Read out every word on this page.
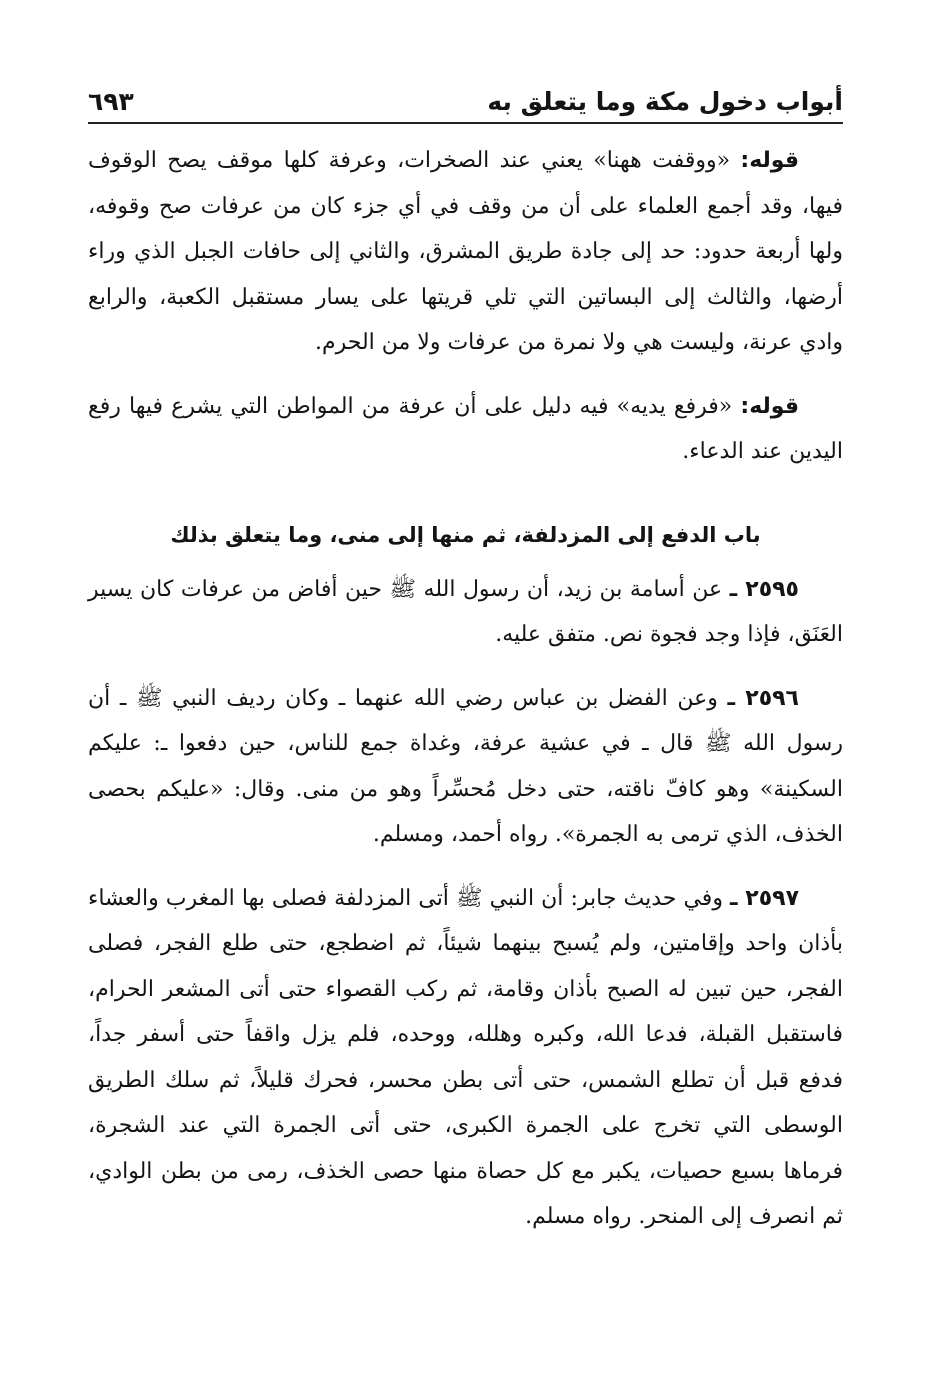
أبواب دخول مكة وما يتعلق به
٦٩٣

قوله: «ووقفت ههنا» يعني عند الصخرات، وعرفة كلها موقف يصح الوقوف فيها، وقد أجمع العلماء على أن من وقف في أي جزء كان من عرفات صح وقوفه، ولها أربعة حدود: حد إلى جادة طريق المشرق، والثاني إلى حافات الجبل الذي وراء أرضها، والثالث إلى البساتين التي تلي قريتها على يسار مستقبل الكعبة، والرابع وادي عرنة، وليست هي ولا نمرة من عرفات ولا من الحرم.

قوله: «فرفع يديه» فيه دليل على أن عرفة من المواطن التي يشرع فيها رفع اليدين عند الدعاء.

باب الدفع إلى المزدلفة، ثم منها إلى منى، وما يتعلق بذلك

٢٥٩٥ ـ عن أسامة بن زيد، أن رسول الله ﷺ حين أفاض من عرفات كان يسير العَنَق، فإذا وجد فجوة نص. متفق عليه.

٢٥٩٦ ـ وعن الفضل بن عباس رضي الله عنهما ـ وكان رديف النبي ﷺ ـ أن رسول الله ﷺ قال ـ في عشية عرفة، وغداة جمع للناس، حين دفعوا ـ: عليكم السكينة» وهو كافّ ناقته، حتى دخل مُحسِّراً وهو من منى. وقال: «عليكم بحصى الخذف، الذي ترمى به الجمرة». رواه أحمد، ومسلم.

٢٥٩٧ ـ وفي حديث جابر: أن النبي ﷺ أتى المزدلفة فصلى بها المغرب والعشاء بأذان واحد وإقامتين، ولم يُسبح بينهما شيئاً، ثم اضطجع، حتى طلع الفجر، فصلى الفجر، حين تبين له الصبح بأذان وقامة، ثم ركب القصواء حتى أتى المشعر الحرام، فاستقبل القبلة، فدعا الله، وكبره وهلله، ووحده، فلم يزل واقفاً حتى أسفر جداً، فدفع قبل أن تطلع الشمس، حتى أتى بطن محسر، فحرك قليلاً، ثم سلك الطريق الوسطى التي تخرج على الجمرة الكبرى، حتى أتى الجمرة التي عند الشجرة، فرماها بسبع حصيات، يكبر مع كل حصاة منها حصى الخذف، رمى من بطن الوادي، ثم انصرف إلى المنحر. رواه مسلم.
